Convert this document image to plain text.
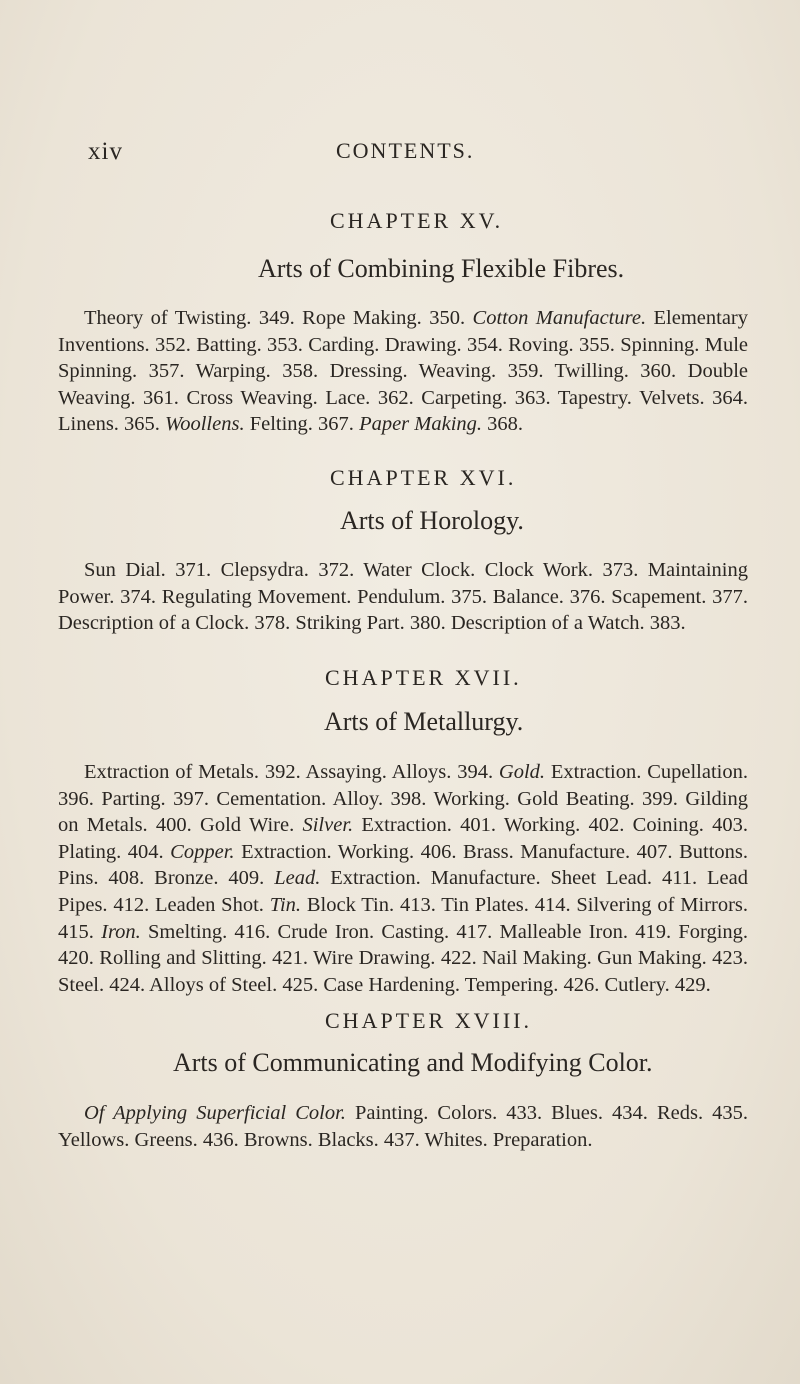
xiv	CONTENTS.
CHAPTER XV.
Arts of Combining Flexible Fibres.
Theory of Twisting. 349. Rope Making. 350. Cotton Manufacture. Elementary Inventions. 352. Batting. 353. Carding. Drawing. 354. Roving. 355. Spinning. Mule Spinning. 357. Warping. 358. Dressing. Weaving. 359. Twilling. 360. Double Weaving. 361. Cross Weaving. Lace. 362. Carpeting. 363. Tapestry. Velvets. 364. Linens. 365. Woollens. Felting. 367. Paper Making. 368.
CHAPTER XVI.
Arts of Horology.
Sun Dial. 371. Clepsydra. 372. Water Clock. Clock Work. 373. Maintaining Power. 374. Regulating Movement. Pendulum. 375. Balance. 376. Scapement. 377. Description of a Clock. 378. Striking Part. 380. Description of a Watch. 383.
CHAPTER XVII.
Arts of Metallurgy.
Extraction of Metals. 392. Assaying. Alloys. 394. Gold. Extraction. Cupellation. 396. Parting. 397. Cementation. Alloy. 398. Working. Gold Beating. 399. Gilding on Metals. 400. Gold Wire. Silver. Extraction. 401. Working. 402. Coining. 403. Plating. 404. Copper. Extraction. Working. 406. Brass. Manufacture. 407. Buttons. Pins. 408. Bronze. 409. Lead. Extraction. Manufacture. Sheet Lead. 411. Lead Pipes. 412. Leaden Shot. Tin. Block Tin. 413. Tin Plates. 414. Silvering of Mirrors. 415. Iron. Smelting. 416. Crude Iron. Casting. 417. Malleable Iron. 419. Forging. 420. Rolling and Slitting. 421. Wire Drawing. 422. Nail Making. Gun Making. 423. Steel. 424. Alloys of Steel. 425. Case Hardening. Tempering. 426. Cutlery. 429.
CHAPTER XVIII.
Arts of Communicating and Modifying Color.
Of Applying Superficial Color. Painting. Colors. 433. Blues. 434. Reds. 435. Yellows. Greens. 436. Browns. Blacks. 437. Whites. Preparation.
